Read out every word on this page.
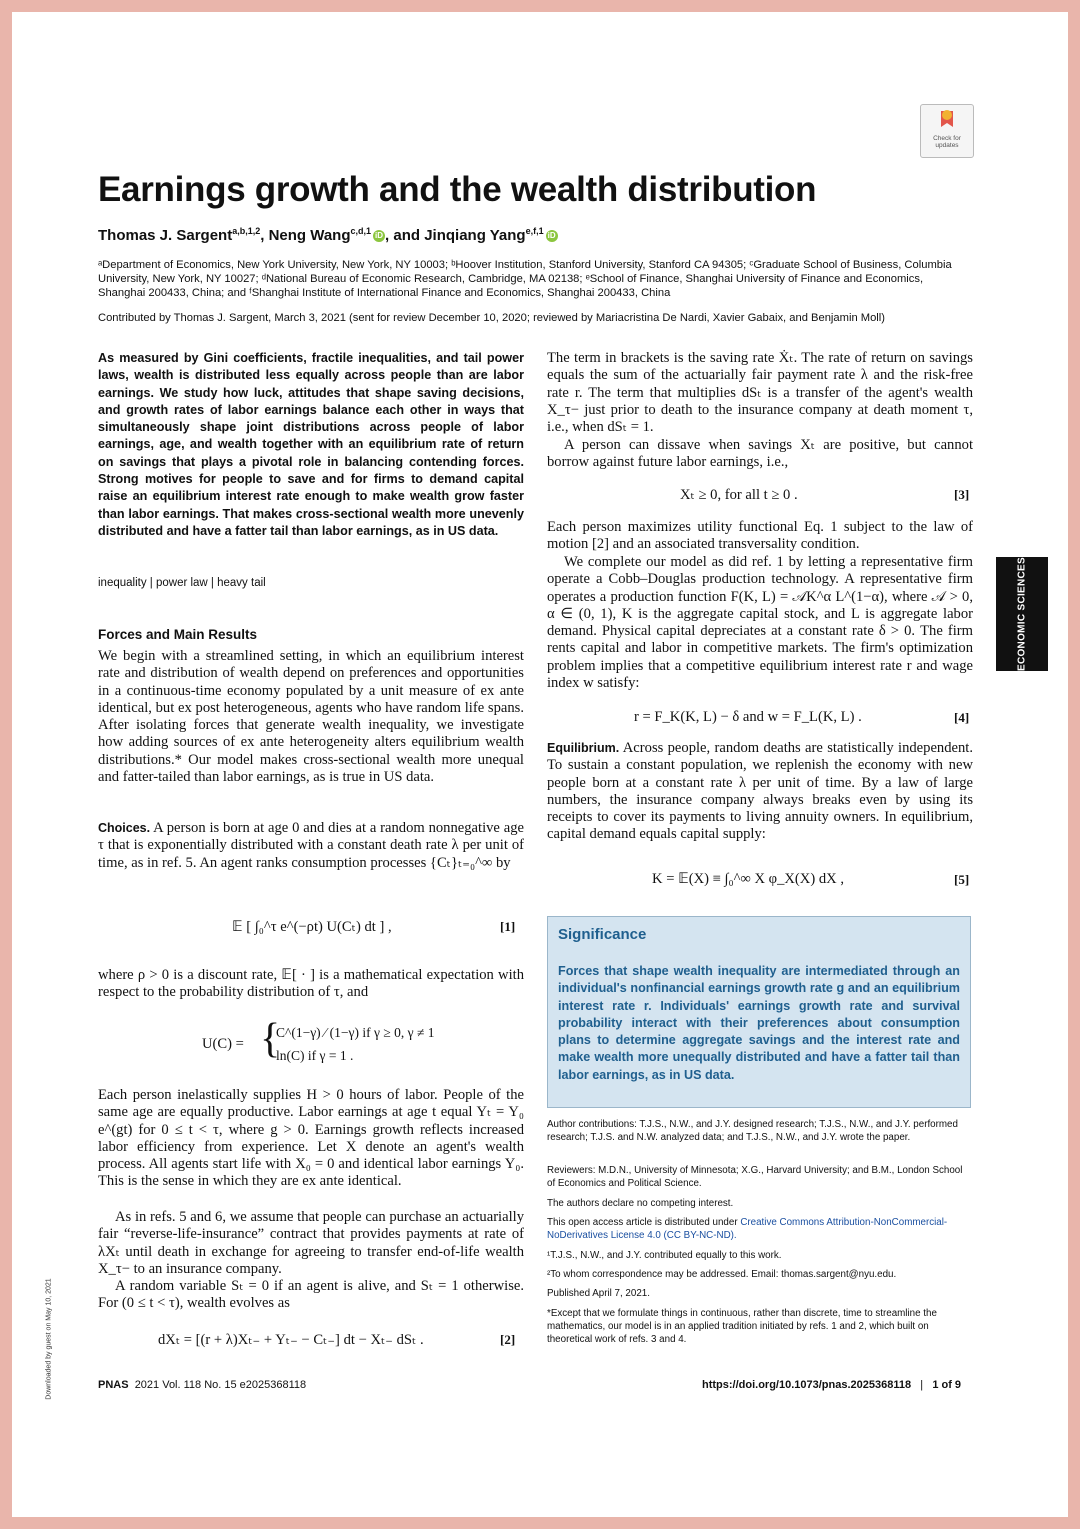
Check for updates
Earnings growth and the wealth distribution
Thomas J. Sargent$^{a,b,1,2}$, Neng Wang$^{c,d,1}$ iD , and Jinqiang Yang$^{e,f,1}$ iD
ᵃDepartment of Economics, New York University, New York, NY 10003; ᵇHoover Institution, Stanford University, Stanford CA 94305; ᶜGraduate School of Business, Columbia University, New York, NY 10027; ᵈNational Bureau of Economic Research, Cambridge, MA 02138; ᵉSchool of Finance, Shanghai University of Finance and Economics, Shanghai 200433, China; and ᶠShanghai Institute of International Finance and Economics, Shanghai 200433, China
Contributed by Thomas J. Sargent, March 3, 2021 (sent for review December 10, 2020; reviewed by Mariacristina De Nardi, Xavier Gabaix, and Benjamin Moll)
As measured by Gini coefficients, fractile inequalities, and tail power laws, wealth is distributed less equally across people than are labor earnings. We study how luck, attitudes that shape saving decisions, and growth rates of labor earnings balance each other in ways that simultaneously shape joint distributions across people of labor earnings, age, and wealth together with an equilibrium rate of return on savings that plays a pivotal role in balancing contending forces. Strong motives for people to save and for firms to demand capital raise an equilibrium interest rate enough to make wealth grow faster than labor earnings. That makes cross-sectional wealth more unevenly distributed and have a fatter tail than labor earnings, as in US data.
inequality | power law | heavy tail
Forces and Main Results
We begin with a streamlined setting, in which an equilibrium interest rate and distribution of wealth depend on preferences and opportunities in a continuous-time economy populated by a unit measure of ex ante identical, but ex post heterogeneous, agents who have random life spans. After isolating forces that generate wealth inequality, we investigate how adding sources of ex ante heterogeneity alters equilibrium wealth distributions.* Our model makes cross-sectional wealth more unequal and fatter-tailed than labor earnings, as is true in US data.
Choices. A person is born at age 0 and dies at a random nonnegative age τ that is exponentially distributed with a constant death rate λ per unit of time, as in ref. 5. An agent ranks consumption processes {Cₜ}ₜ₌₀^∞ by
𝔼 [ ∫₀^τ e^(−ρt) U(Cₜ) dt ] ,	[1]
where ρ > 0 is a discount rate, 𝔼[ · ] is a mathematical expectation with respect to the probability distribution of τ, and
U(C) = {
C^(1−γ) ⁄ (1−γ) if γ ≥ 0, γ ≠ 1
ln(C) if γ = 1 .
Each person inelastically supplies H > 0 hours of labor. People of the same age are equally productive. Labor earnings at age t equal Yₜ = Y₀ e^(gt) for 0 ≤ t < τ, where g > 0. Earnings growth reflects increased labor efficiency from experience. Let X denote an agent's wealth process. All agents start life with X₀ = 0 and identical labor earnings Y₀. This is the sense in which they are ex ante identical.
As in refs. 5 and 6, we assume that people can purchase an actuarially fair “reverse-life-insurance” contract that provides payments at rate of λXₜ until death in exchange for agreeing to transfer end-of-life wealth X_τ− to an insurance company.
A random variable Sₜ = 0 if an agent is alive, and Sₜ = 1 otherwise. For (0 ≤ t < τ), wealth evolves as
dXₜ = [(r + λ)Xₜ₋ + Yₜ₋ − Cₜ₋] dt − Xₜ₋ dSₜ .	[2]
The term in brackets is the saving rate Ẋₜ. The rate of return on savings equals the sum of the actuarially fair payment rate λ and the risk-free rate r. The term that multiplies dSₜ is a transfer of the agent's wealth X_τ− just prior to death to the insurance company at death moment τ, i.e., when dSₜ = 1.
A person can dissave when savings Xₜ are positive, but cannot borrow against future labor earnings, i.e.,
Xₜ ≥ 0, for all t ≥ 0 .	[3]
Each person maximizes utility functional Eq. 1 subject to the law of motion [2] and an associated transversality condition.
We complete our model as did ref. 1 by letting a representative firm operate a Cobb–Douglas production technology. A representative firm operates a production function F(K, L) = 𝒜K^α L^(1−α), where 𝒜 > 0, α ∈ (0, 1), K is the aggregate capital stock, and L is aggregate labor demand. Physical capital depreciates at a constant rate δ > 0. The firm rents capital and labor in competitive markets. The firm's optimization problem implies that a competitive equilibrium interest rate r and wage index w satisfy:
r = F_K(K, L) − δ and w = F_L(K, L) .	[4]
Equilibrium. Across people, random deaths are statistically independent. To sustain a constant population, we replenish the economy with new people born at a constant rate λ per unit of time. By a law of large numbers, the insurance company always breaks even by using its receipts to cover its payments to living annuity owners. In equilibrium, capital demand equals capital supply:
K = 𝔼(X) ≡ ∫₀^∞ X φ_X(X) dX ,	[5]
Significance
Forces that shape wealth inequality are intermediated through an individual's nonfinancial earnings growth rate g and an equilibrium interest rate r. Individuals' earnings growth rate and survival probability interact with their preferences about consumption plans to determine aggregate savings and the interest rate and make wealth more unequally distributed and have a fatter tail than labor earnings, as in US data.
Author contributions: T.J.S., N.W., and J.Y. designed research; T.J.S., N.W., and J.Y. performed research; T.J.S. and N.W. analyzed data; and T.J.S., N.W., and J.Y. wrote the paper.
Reviewers: M.D.N., University of Minnesota; X.G., Harvard University; and B.M., London School of Economics and Political Science.
The authors declare no competing interest.
This open access article is distributed under Creative Commons Attribution-NonCommercial-NoDerivatives License 4.0 (CC BY-NC-ND).
¹T.J.S., N.W., and J.Y. contributed equally to this work.
²To whom correspondence may be addressed. Email: thomas.sargent@nyu.edu.
Published April 7, 2021.
*Except that we formulate things in continuous, rather than discrete, time to streamline the mathematics, our model is in an applied tradition initiated by refs. 1 and 2, which built on theoretical work of refs. 3 and 4.
PNAS 2021 Vol. 118 No. 15 e2025368118	https://doi.org/10.1073/pnas.2025368118 | 1 of 9
ECONOMIC SCIENCES
Downloaded by guest on May 10, 2021
